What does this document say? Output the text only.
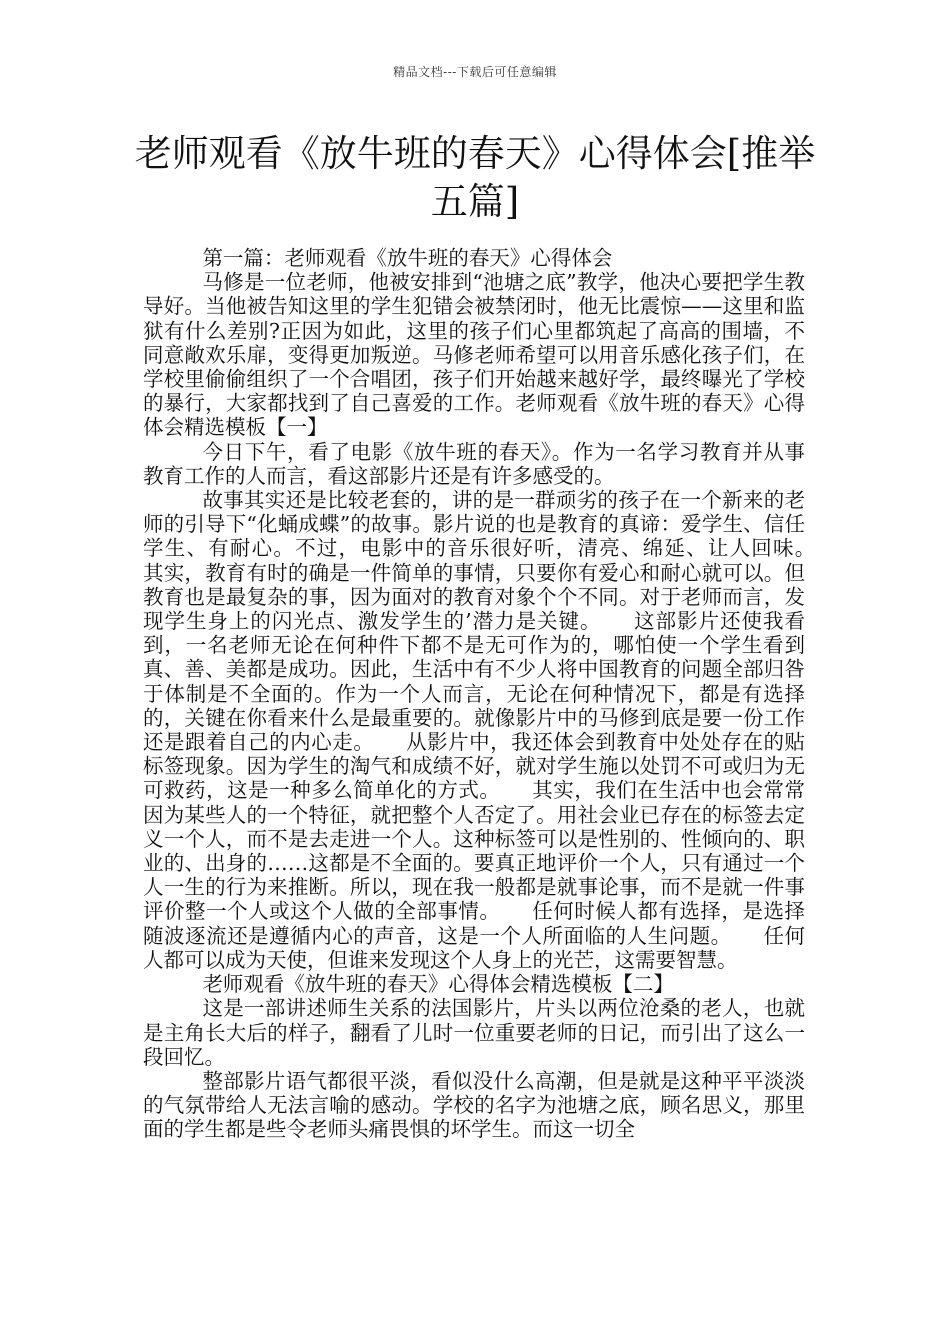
精品文档---下载后可任意编辑
老师观看《放牛班的春天》心得体会[推举五篇]

第一篇：老师观看《放牛班的春天》心得体会

马修是一位老师，他被安排到“池塘之底”教学，他决心要把学生教导好。当他被告知这里的学生犯错会被禁闭时，他无比震惊——这里和监狱有什么差别?正因为如此，这里的孩子们心里都筑起了高高的围墙，不同意敞欢乐扉，变得更加叛逆。马修老师希望可以用音乐感化孩子们，在学校里偷偷组织了一个合唱团，孩子们开始越来越好学，最终曝光了学校的暴行，大家都找到了自己喜爱的工作。老师观看《放牛班的春天》心得体会精选模板【一】

今日下午，看了电影《放牛班的春天》。作为一名学习教育并从事教育工作的人而言，看这部影片还是有许多感受的。

故事其实还是比较老套的，讲的是一群顽劣的孩子在一个新来的老师的引导下“化蛹成蝶”的故事。影片说的也是教育的真谛：爱学生、信任学生、有耐心。不过，电影中的音乐很好听，清亮、绵延、让人回味。　　其实，教育有时的确是一件简单的事情，只要你有爱心和耐心就可以。但教育也是最复杂的事，因为面对的教育对象个个不同。对于老师而言，发现学生身上的闪光点、激发学生的’潜力是关键。　　这部影片还使我看到，一名老师无论在何种件下都不是无可作为的，哪怕使一个学生看到真、善、美都是成功。因此，生活中有不少人将中国教育的问题全部归咎于体制是不全面的。作为一个人而言，无论在何种情况下，都是有选择的，关键在你看来什么是最重要的。就像影片中的马修到底是要一份工作还是跟着自己的内心走。　　从影片中，我还体会到教育中处处存在的贴标签现象。因为学生的淘气和成绩不好，就对学生施以处罚不可或归为无可救药，这是一种多么简单化的方式。　　其实，我们在生活中也会常常因为某些人的一个特征，就把整个人否定了。用社会业已存在的标签去定义一个人，而不是去走进一个人。这种标签可以是性别的、性倾向的、职业的、出身的……这都是不全面的。要真正地评价一个人，只有通过一个人一生的行为来推断。所以，现在我一般都是就事论事，而不是就一件事评价整一个人或这个人做的全部事情。　　任何时候人都有选择，是选择随波逐流还是遵循内心的声音，这是一个人所面临的人生问题。　　任何人都可以成为天使，但谁来发现这个人身上的光芒，这需要智慧。

老师观看《放牛班的春天》心得体会精选模板【二】

这是一部讲述师生关系的法国影片，片头以两位沧桑的老人，也就是主角长大后的样子，翻看了儿时一位重要老师的日记，而引出了这么一段回忆。

整部影片语气都很平淡，看似没什么高潮，但是就是这种平平淡淡的气氛带给人无法言喻的感动。学校的名字为池塘之底，顾名思义，那里面的学生都是些令老师头痛畏惧的坏学生。而这一切全
